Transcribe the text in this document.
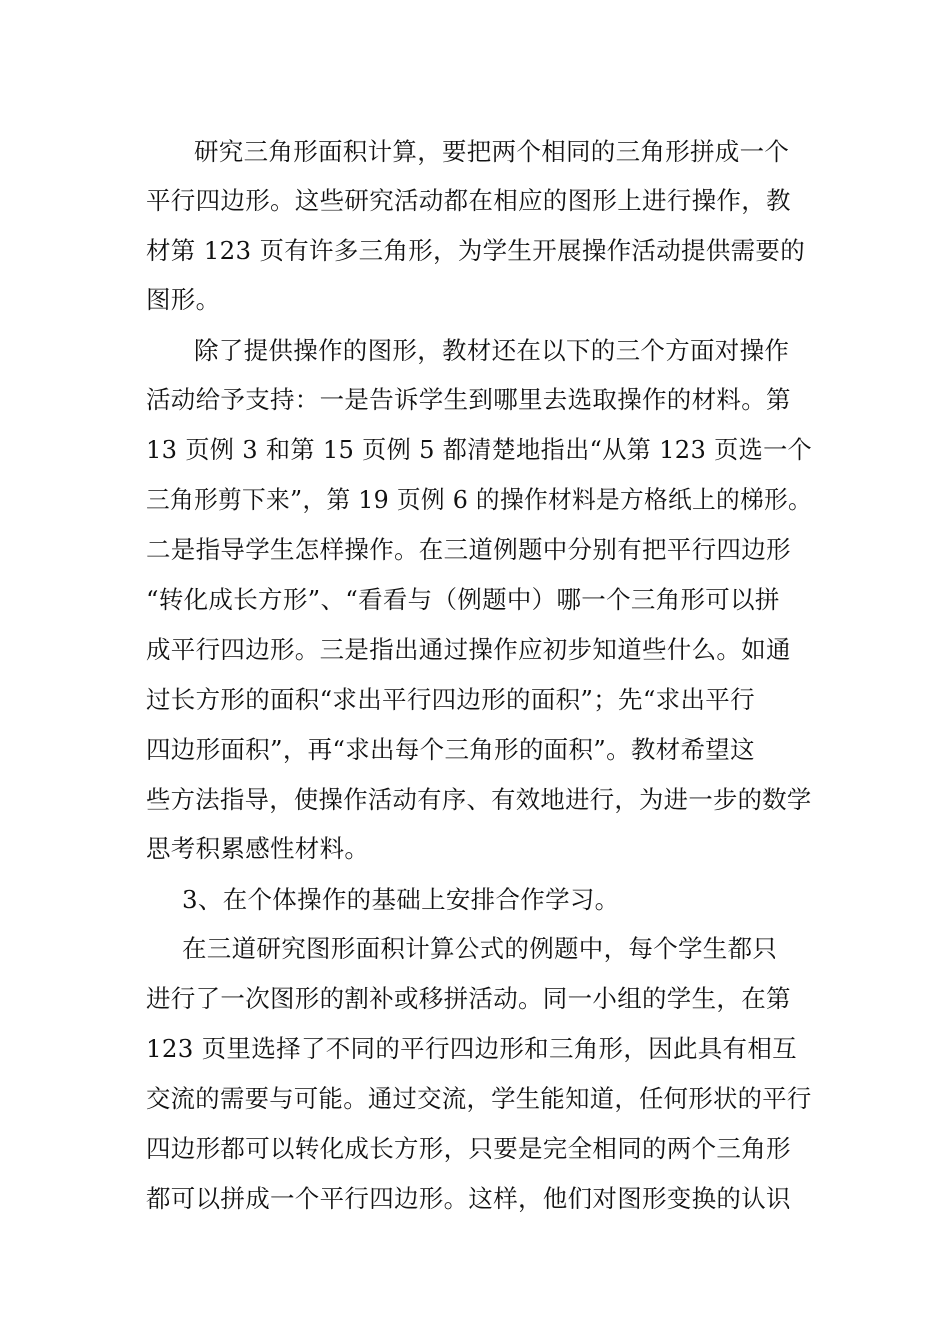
研究三角形面积计算，要把两个相同的三角形拼成一个
平行四边形。这些研究活动都在相应的图形上进行操作，教
材第 123 页有许多三角形，为学生开展操作活动提供需要的
图形。
除了提供操作的图形，教材还在以下的三个方面对操作
活动给予支持：一是告诉学生到哪里去选取操作的材料。第
13 页例 3 和第 15 页例 5 都清楚地指出“从第 123 页选一个
三角形剪下来”，第 19 页例 6 的操作材料是方格纸上的梯形。
二是指导学生怎样操作。在三道例题中分别有把平行四边形
“转化成长方形”、“看看与（例题中）哪一个三角形可以拼
成平行四边形。三是指出通过操作应初步知道些什么。如通
过长方形的面积“求出平行四边形的面积”；先“求出平行
四边形面积”，再“求出每个三角形的面积”。教材希望这
些方法指导，使操作活动有序、有效地进行，为进一步的数学
思考积累感性材料。
3、在个体操作的基础上安排合作学习。
在三道研究图形面积计算公式的例题中，每个学生都只
进行了一次图形的割补或移拼活动。同一小组的学生，在第
123 页里选择了不同的平行四边形和三角形，因此具有相互
交流的需要与可能。通过交流，学生能知道，任何形状的平行
四边形都可以转化成长方形，只要是完全相同的两个三角形
都可以拼成一个平行四边形。这样，他们对图形变换的认识
